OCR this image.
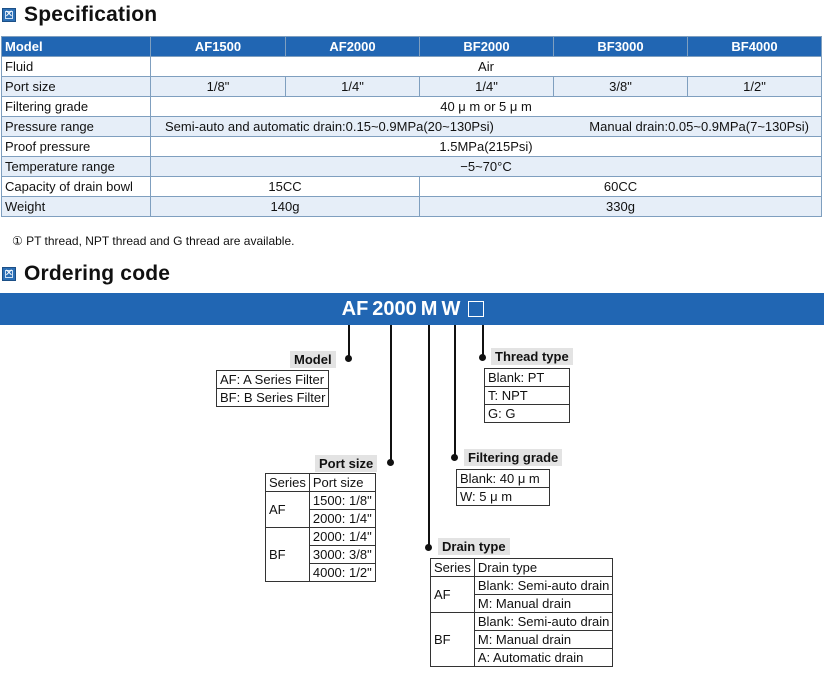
✕
Specification
Model	AF1500	AF2000	BF2000	BF3000	BF4000
Fluid	Air				
Port size	1/8"	1/4"	1/4"	3/8"	1/2"
Filtering grade	40 μ m or 5 μ m				
Pressure range	Semi-auto and automatic drain:0.15~0.9MPa(20~130Psi) Manual drain:0.05~0.9MPa(7~130Psi)				

Proof pressure	1.5MPa(215Psi)				
Temperature range	−5~70°C				
Capacity of drain bowl	15CC		60CC		
Weight	140g		330g		
① PT thread, NPT thread and G thread are available.
✕
Ordering code
AF 2000 M W
Model
AF: A Series Filter
BF: B Series Filter
Thread type
Blank: PT
T: NPT
G: G
Port size
Series	Port size
AF	1500: 1/8"
	2000: 1/4"
BF	2000: 1/4"
	3000: 3/8"
	4000: 1/2"
Filtering grade
Blank: 40 μ m
W: 5 μ m
Drain type
Series	Drain type
AF	Blank: Semi-auto drain
	M: Manual drain
BF	Blank: Semi-auto drain
	M: Manual drain
	A: Automatic drain
